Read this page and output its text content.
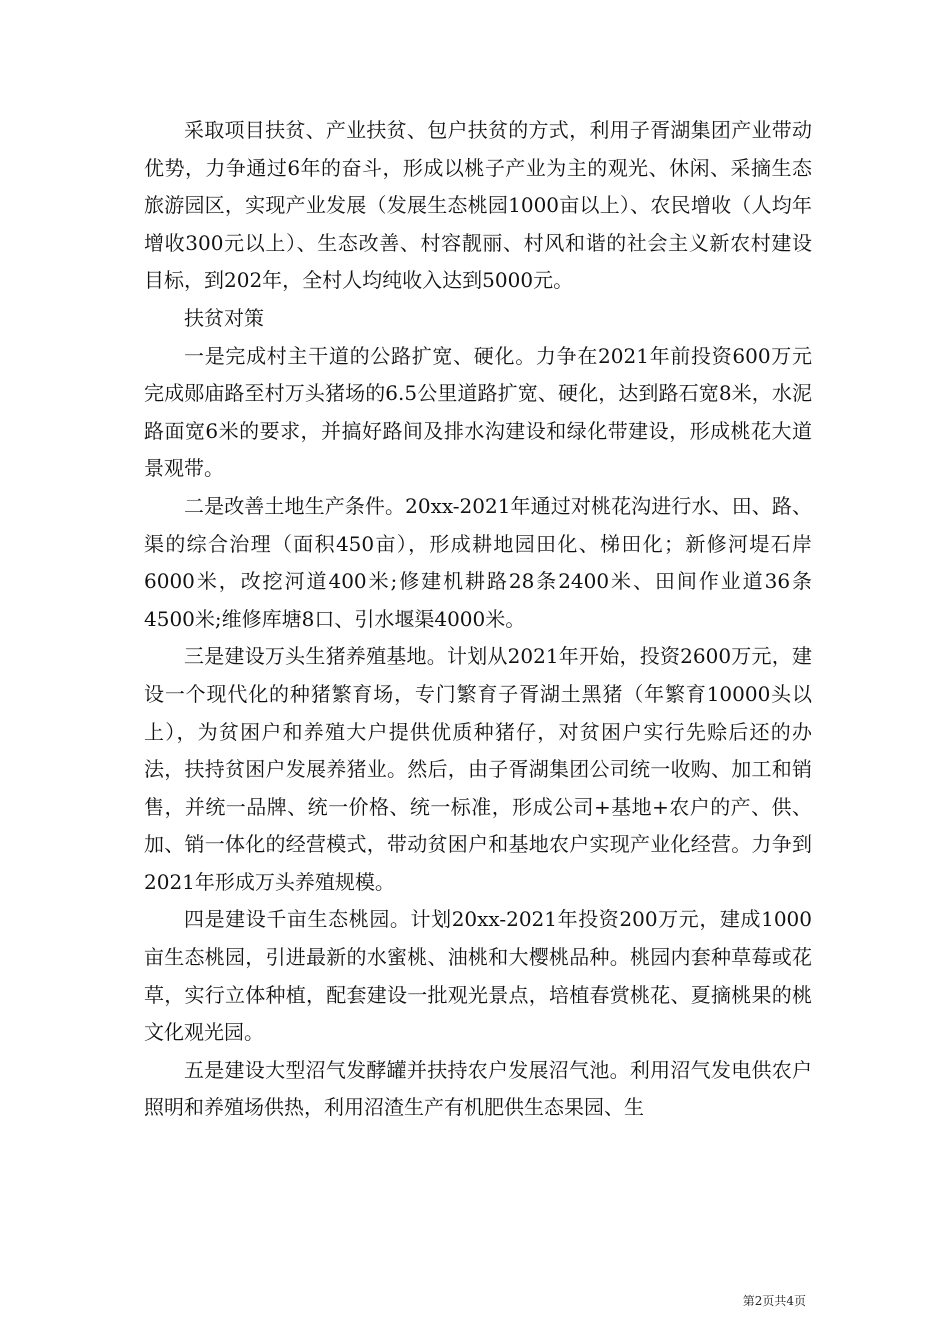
采取项目扶贫、产业扶贫、包户扶贫的方式，利用子胥湖集团产业带动优势，力争通过6年的奋斗，形成以桃子产业为主的观光、休闲、采摘生态旅游园区，实现产业发展（发展生态桃园1000亩以上）、农民增收（人均年增收300元以上）、生态改善、村容靓丽、村风和谐的社会主义新农村建设目标，到202年，全村人均纯收入达到5000元。

扶贫对策

一是完成村主干道的公路扩宽、硬化。力争在2021年前投资600万元完成郧庙路至村万头猪场的6.5公里道路扩宽、硬化，达到路石宽8米，水泥路面宽6米的要求，并搞好路间及排水沟建设和绿化带建设，形成桃花大道景观带。

二是改善土地生产条件。20xx-2021年通过对桃花沟进行水、田、路、渠的综合治理（面积450亩），形成耕地园田化、梯田化；新修河堤石岸6000米，改挖河道400米;修建机耕路28条2400米、田间作业道36条4500米;维修库塘8口、引水堰渠4000米。

三是建设万头生猪养殖基地。计划从2021年开始，投资2600万元，建设一个现代化的种猪繁育场，专门繁育子胥湖土黑猪（年繁育10000头以上），为贫困户和养殖大户提供优质种猪仔，对贫困户实行先赊后还的办法，扶持贫困户发展养猪业。然后，由子胥湖集团公司统一收购、加工和销售，并统一品牌、统一价格、统一标准，形成公司+基地+农户的产、供、加、销一体化的经营模式，带动贫困户和基地农户实现产业化经营。力争到2021年形成万头养殖规模。

四是建设千亩生态桃园。计划20xx-2021年投资200万元，建成1000亩生态桃园，引进最新的水蜜桃、油桃和大樱桃品种。桃园内套种草莓或花草，实行立体种植，配套建设一批观光景点，培植春赏桃花、夏摘桃果的桃文化观光园。

五是建设大型沼气发酵罐并扶持农户发展沼气池。利用沼气发电供农户照明和养殖场供热，利用沼渣生产有机肥供生态果园、生

第2页共4页
